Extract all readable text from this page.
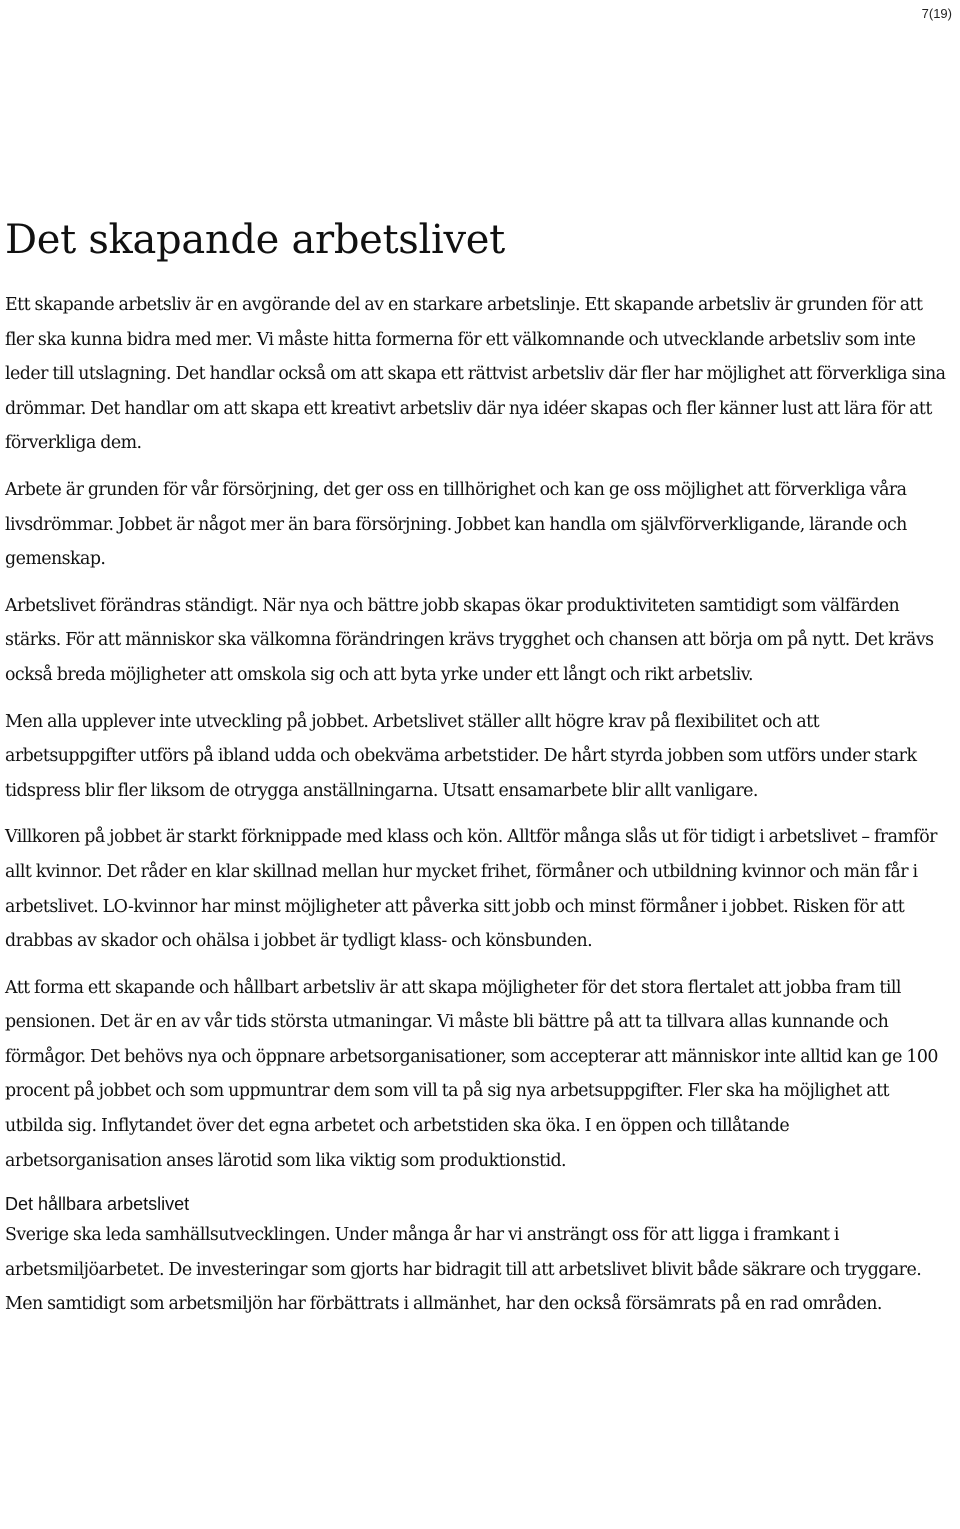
7(19)
Det skapande arbetslivet

Ett skapande arbetsliv är en avgörande del av en starkare arbetslinje. Ett skapande arbetsliv är grunden för att fler ska kunna bidra med mer. Vi måste hitta formerna för ett välkomnande och utvecklande arbetsliv som inte leder till utslagning. Det handlar också om att skapa ett rättvist arbetsliv där fler har möjlighet att förverkliga sina drömmar. Det handlar om att skapa ett kreativt arbetsliv där nya idéer skapas och fler känner lust att lära för att förverkliga dem.

Arbete är grunden för vår försörjning, det ger oss en tillhörighet och kan ge oss möjlighet att förverkliga våra livsdrömmar. Jobbet är något mer än bara försörjning. Jobbet kan handla om självförverkligande, lärande och gemenskap.

Arbetslivet förändras ständigt. När nya och bättre jobb skapas ökar produktiviteten samtidigt som välfärden stärks. För att människor ska välkomna förändringen krävs trygghet och chansen att börja om på nytt. Det krävs också breda möjligheter att omskola sig och att byta yrke under ett långt och rikt arbetsliv.

Men alla upplever inte utveckling på jobbet. Arbetslivet ställer allt högre krav på flexibilitet och att arbetsuppgifter utförs på ibland udda och obekväma arbetstider. De hårt styrda jobben som utförs under stark tidspress blir fler liksom de otrygga anställningarna. Utsatt ensamarbete blir allt vanligare.

Villkoren på jobbet är starkt förknippade med klass och kön. Alltför många slås ut för tidigt i arbetslivet – framför allt kvinnor. Det råder en klar skillnad mellan hur mycket frihet, förmåner och utbildning kvinnor och män får i arbetslivet. LO-kvinnor har minst möjligheter att påverka sitt jobb och minst förmåner i jobbet. Risken för att drabbas av skador och ohälsa i jobbet är tydligt klass- och könsbunden.

Att forma ett skapande och hållbart arbetsliv är att skapa möjligheter för det stora flertalet att jobba fram till pensionen. Det är en av vår tids största utmaningar. Vi måste bli bättre på att ta tillvara allas kunnande och förmågor. Det behövs nya och öppnare arbetsorganisationer, som accepterar att människor inte alltid kan ge 100 procent på jobbet och som uppmuntrar dem som vill ta på sig nya arbetsuppgifter. Fler ska ha möjlighet att utbilda sig. Inflytandet över det egna arbetet och arbetstiden ska öka. I en öppen och tillåtande arbetsorganisation anses lärotid som lika viktig som produktionstid.

Det hållbara arbetslivet

Sverige ska leda samhällsutvecklingen. Under många år har vi ansträngt oss för att ligga i framkant i arbetsmiljöarbetet. De investeringar som gjorts har bidragit till att arbetslivet blivit både säkrare och tryggare. Men samtidigt som arbetsmiljön har förbättrats i allmänhet, har den också försämrats på en rad områden.
